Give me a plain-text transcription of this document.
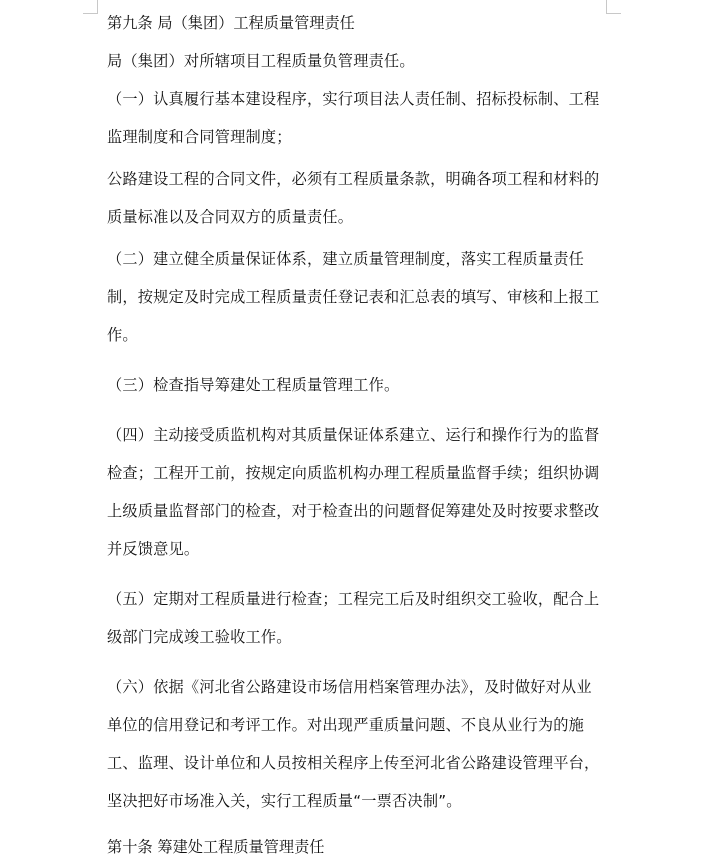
第九条 局（集团）工程质量管理责任

局（集团）对所辖项目工程质量负管理责任。

（一）认真履行基本建设程序，实行项目法人责任制、招标投标制、工程监理制度和合同管理制度；

公路建设工程的合同文件，必须有工程质量条款，明确各项工程和材料的质量标准以及合同双方的质量责任。

（二）建立健全质量保证体系，建立质量管理制度，落实工程质量责任制，按规定及时完成工程质量责任登记表和汇总表的填写、审核和上报工作。

（三）检查指导筹建处工程质量管理工作。

（四）主动接受质监机构对其质量保证体系建立、运行和操作行为的监督检查；工程开工前，按规定向质监机构办理工程质量监督手续；组织协调上级质量监督部门的检查，对于检查出的问题督促筹建处及时按要求整改并反馈意见。

（五）定期对工程质量进行检查；工程完工后及时组织交工验收，配合上级部门完成竣工验收工作。

（六）依据《河北省公路建设市场信用档案管理办法》，及时做好对从业单位的信用登记和考评工作。对出现严重质量问题、不良从业行为的施工、监理、设计单位和人员按相关程序上传至河北省公路建设管理平台，坚决把好市场准入关，实行工程质量“一票否决制”。

第十条 筹建处工程质量管理责任
